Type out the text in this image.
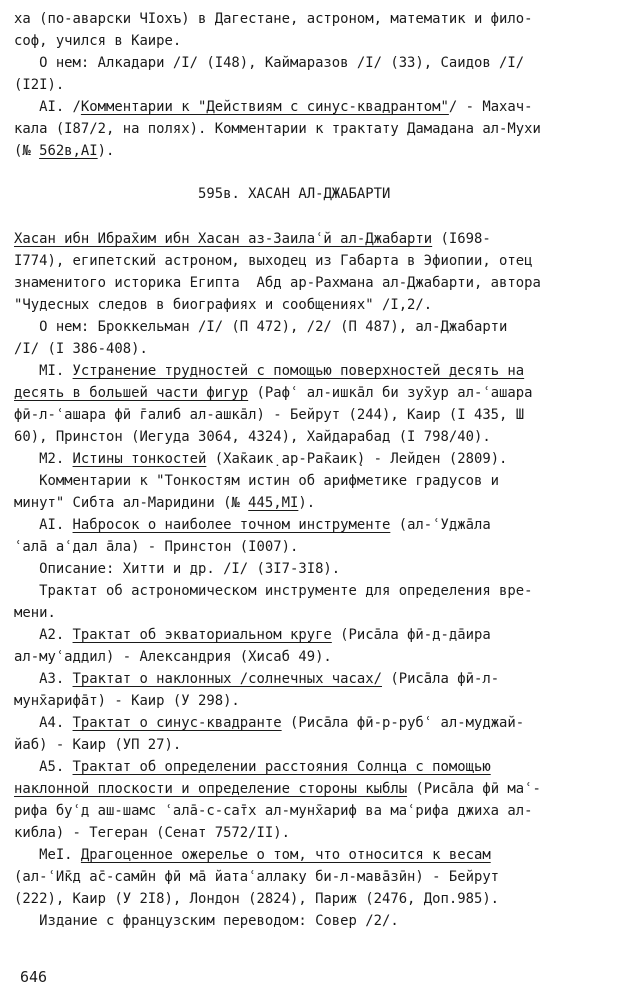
ха (по-аварски Ч̄Iохъ) в Дагестане, астроном, математик и фило-
соф, учился в Каире.
О нем: Алкадари /I/ (I48), Каймаразов /I/ (33), Саидов /I/
(I2I).
AI. /Комментарии к "Действиям с синус-квадрантом"/ - Махач-
кала (I87/2, на полях). Комментарии к трактату Дамадана ал-Мухи
(№ 562в,АI).
595в. ХАСАН АЛ-ДЖАБАРТИ
Хасан ибн Ибрах̄им ибн Хасан аз-Заилаʿй ал-Джабарти (I698-
I774), египетский астроном, выходец из Габарта в Эфиопии, отец
знаменитого историка Египта  Абд ар-Рахмана ал-Джабарти, автора
"Чудесных следов в биографиях и сообщениях" /I,2/.
О нем: Броккельман /I/ (П 472), /2/ (П 487), ал-Джабарти
/I/ (I 386-408).
MI. Устранение трудностей с помощью поверхностей десять на
десять в большей части фигур (Рафʿ ал-ишка̄л би зух̄ур ал-ʿашара
фӣ-л-ʿашара фӣ г̄алиб ал-ашка̄л) - Бейрут (244), Каир (I 435, Ш
60), Принстон (Иегуда 3064, 4324), Хайдарабад (I 798/40).
M2. Истины тонкостей (Хак̄аик̣ ар-Рак̄аик̣) - Лейден (2809).
Комментарии к "Тонкостям истин об арифметике градусов и
минут" Сибта ал-Маридини (№ 445,MI).
AI. Набросок о наиболее точном инструменте (ал-ʿУджа̄ла
ʿала̄ аʿдал а̄ла) - Принстон (I007).
Описание: Хитти и др. /I/ (3I7-3I8).
Трактат об астрономическом инструменте для определения вре-
мени.
A2. Трактат об экваториальном круге (Риса̄ла фӣ-д-да̄ира
ал-муʿаддил) - Александрия (Хисаб 49).
A3. Трактат о наклонных /солнечных часах/ (Риса̄ла фӣ-л-
мунх̄арифа̄т) - Каир (У 298).
A4. Трактат о синус-квадранте (Риса̄ла фӣ-р-рубʿ ал-муджай-
йаб) - Каир (УП 27).
A5. Трактат об определении расстояния Солнца с помощью
наклонной плоскости и определение стороны кыблы (Риса̄ла фӣ маʿ-
рифа буʿд аш-шамс ʿала̄-с-сат̄х ал-мунх̄ариф ва маʿрифа джиха ал-
кибла) - Тегеран (Сенат 7572/II).
MeI. Драгоценное ожерелье о том, что относится к весам
(ал-ʿИк̄д ас̄-самӣн фӣ ма̄ йатаʿаллаку би-л-мава̄зӣн) - Бейрут
(222), Каир (У 2I8), Лондон (2824), Париж (2476, Доп.985).
Издание с французским переводом: Совер /2/.
646
